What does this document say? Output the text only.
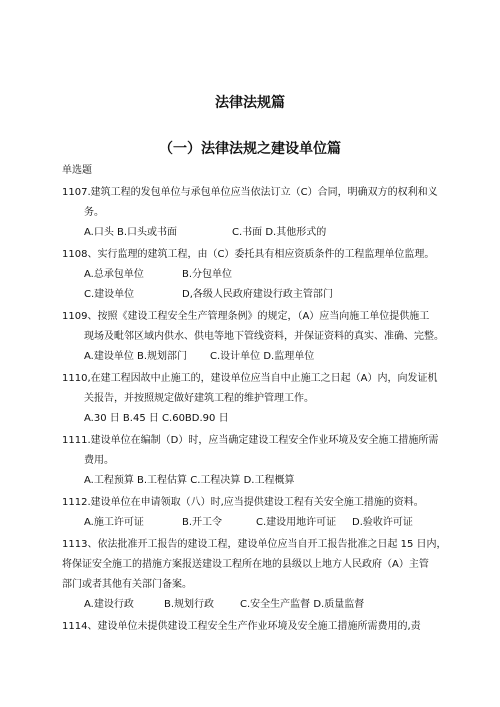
法律法规篇
（一）法律法规之建设单位篇
单选题
1107.建筑工程的发包单位与承包单位应当依法订立（C）合同，明确双方的权利和义
务。
A.口头 B.口头或书面	C.书面 D.其他形式的
1108、实行监理的建筑工程，由（C）委托具有相应资质条件的工程监理单位监理。
A.总承包单位	B.分包单位
C.建设单位	D,各级人民政府建设行政主管部门
1109、按照《建设工程安全生产管理条例》的规定，（A）应当向施工单位提供施工
现场及毗邻区域内供水、供电等地下管线资料，并保证资料的真实、准确、完整。
A.建设单位 B.规划部门 C.设计单位 D.监理单位
1110,在建工程因故中止施工的，建设单位应当自中止施工之日起（A）内，向发证机
关报告，并按照规定做好建筑工程的维护管理工作。
A.30 日 B.45 日 C.60BD.90 日
1111.建设单位在编制（D）时，应当确定建设工程安全作业环境及安全施工措施所需
费用。
A.工程预算 B.工程估算 C.工程决算 D.工程概算
1112.建设单位在申请领取（八）时,应当提供建设工程有关安全施工措施的资料。
A.施工许可证	B.开工令	C.建设用地许可证 D.验收许可证
1113、依法批准开工报告的建设工程，建设单位应当自开工报告批准之日起 15 日内，
将保证安全施工的措施方案报送建设工程所在地的县级以上地方人民政府（A）主管
部门或者其他有关部门备案。
A.建设行政	B.规划行政	C.安全生产监督 D.质量监督
1114、建设单位未提供建设工程安全生产作业环境及安全施工措施所需费用的,责
